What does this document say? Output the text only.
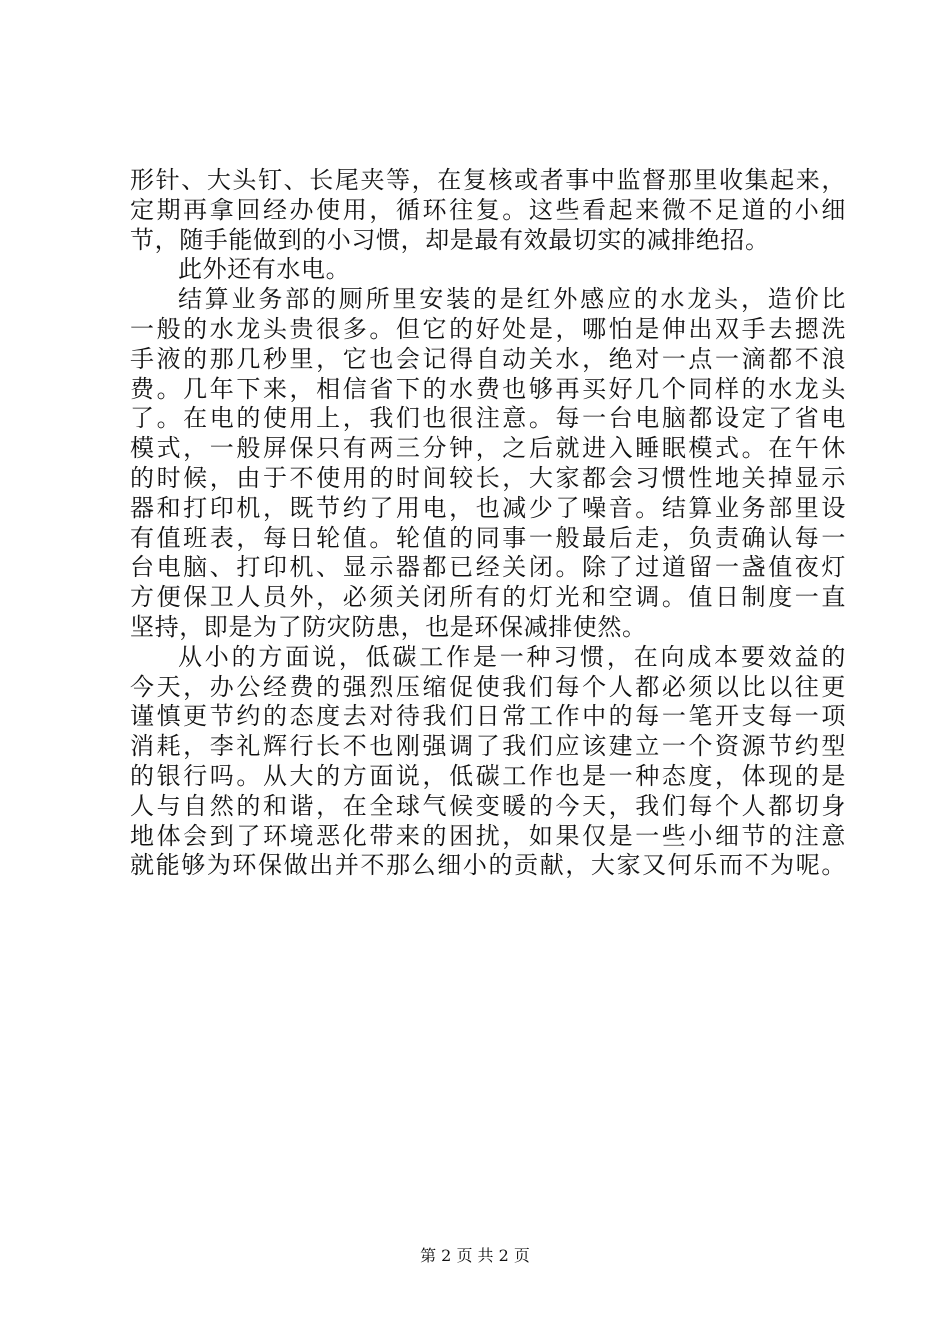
形针、大头钉、长尾夹等，在复核或者事中监督那里收集起来，
定期再拿回经办使用，循环往复。这些看起来微不足道的小细
节，随手能做到的小习惯，却是最有效最切实的减排绝招。
此外还有水电。
结算业务部的厕所里安装的是红外感应的水龙头，造价比
一般的水龙头贵很多。但它的好处是，哪怕是伸出双手去摁洗
手液的那几秒里，它也会记得自动关水，绝对一点一滴都不浪
费。几年下来，相信省下的水费也够再买好几个同样的水龙头
了。在电的使用上，我们也很注意。每一台电脑都设定了省电
模式，一般屏保只有两三分钟，之后就进入睡眠模式。在午休
的时候，由于不使用的时间较长，大家都会习惯性地关掉显示
器和打印机，既节约了用电，也减少了噪音。结算业务部里设
有值班表，每日轮值。轮值的同事一般最后走，负责确认每一
台电脑、打印机、显示器都已经关闭。除了过道留一盏值夜灯
方便保卫人员外，必须关闭所有的灯光和空调。值日制度一直
坚持，即是为了防灾防患，也是环保减排使然。
从小的方面说，低碳工作是一种习惯，在向成本要效益的
今天，办公经费的强烈压缩促使我们每个人都必须以比以往更
谨慎更节约的态度去对待我们日常工作中的每一笔开支每一项
消耗，李礼辉行长不也刚强调了我们应该建立一个资源节约型
的银行吗。从大的方面说，低碳工作也是一种态度，体现的是
人与自然的和谐，在全球气候变暖的今天，我们每个人都切身
地体会到了环境恶化带来的困扰，如果仅是一些小细节的注意
就能够为环保做出并不那么细小的贡献，大家又何乐而不为呢。
第 2 页 共 2 页
